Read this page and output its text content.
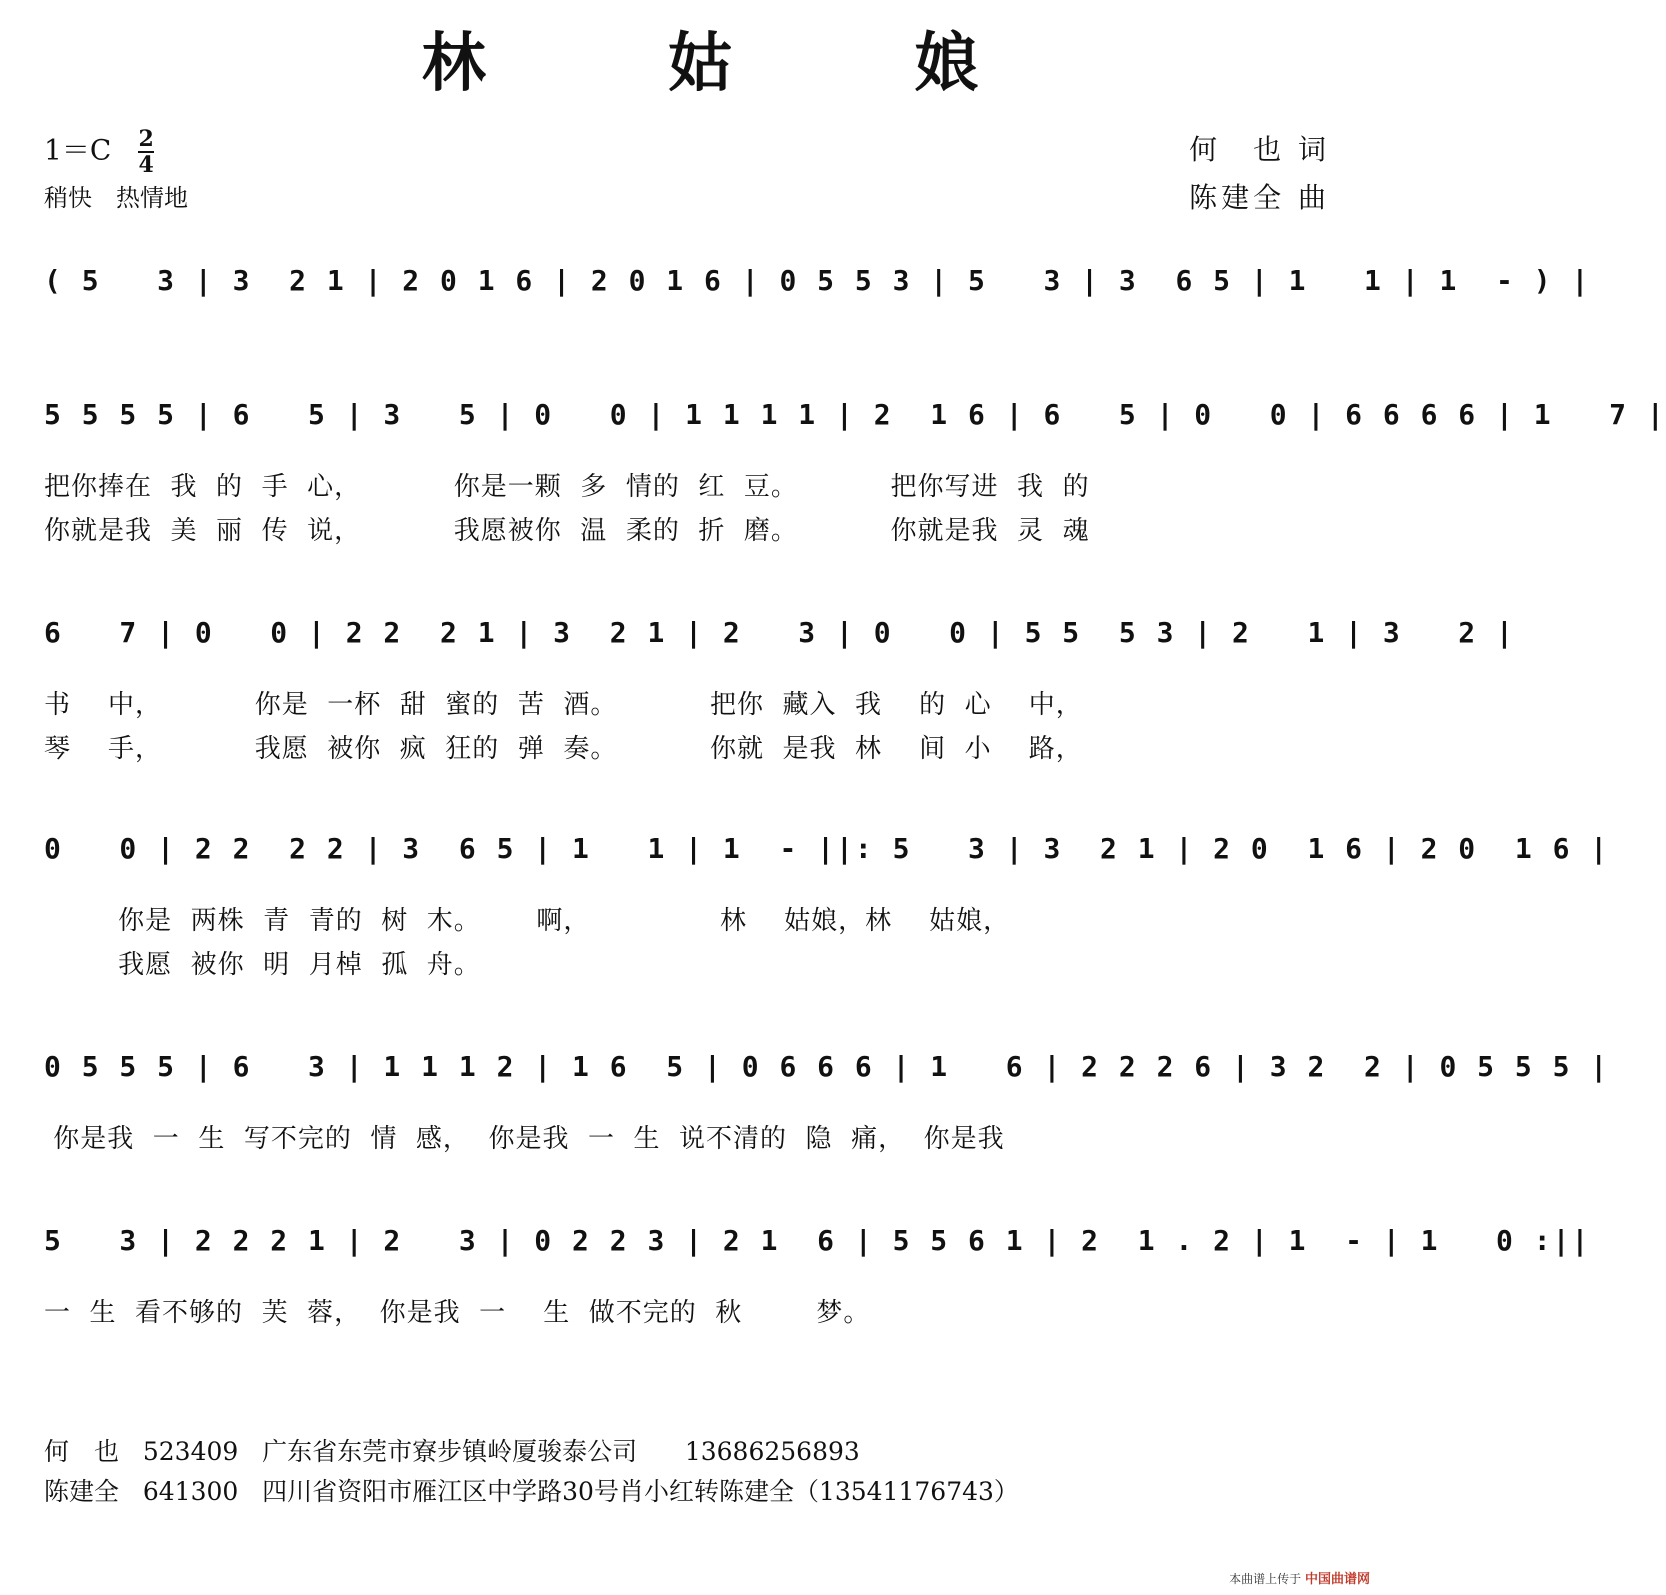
林 姑 娘
$1=C \frac{2}{4}$
稍快　热情地
何　也 词
陈建全 曲
( 5   3 | 3  2 1 | 2 0 1 6 | 2 0 1 6 | 0 5 5 3 | 5   3 | 3  6 5 | 1   1 | 1  - ) |
5 5 5 5 | 6   5 | 3   5 | 0   0 | 1 1 1 1 | 2  1 6 | 6   5 | 0   0 | 6 6 6 6 | 1   7 |
把你捧在  我  的  手  心，          你是一颗  多  情的  红  豆。          把你写进  我  的
你就是我  美  丽  传  说，          我愿被你  温  柔的  折  磨。          你就是我  灵  魂
6   7 | 0   0 | 2 2  2 1 | 3  2 1 | 2   3 | 0   0 | 5 5  5 3 | 2   1 | 3   2 |
书    中，          你是  一杯  甜  蜜的  苦  酒。          把你  藏入  我    的  心    中，
琴    手，          我愿  被你  疯  狂的  弹  奏。          你就  是我  林    间  小    路，
0   0 | 2 2  2 2 | 3  6 5 | 1   1 | 1  - ||: 5   3 | 3  2 1 | 2 0  1 6 | 2 0  1 6 |
你是  两株  青  青的  树  木。      啊，              林    姑娘，林    姑娘，
我愿  被你  明  月棹  孤  舟。
0 5 5 5 | 6   3 | 1 1 1 2 | 1 6  5 | 0 6 6 6 | 1   6 | 2 2 2 6 | 3 2  2 | 0 5 5 5 |
你是我  一  生  写不完的  情  感，  你是我  一  生  说不清的  隐  痛，  你是我
5   3 | 2 2 2 1 | 2   3 | 0 2 2 3 | 2 1  6 | 5 5 6 1 | 2  1 . 2 | 1  - | 1   0 :||
一  生  看不够的  芙  蓉，  你是我  一    生  做不完的  秋        梦。
何　也 523409 广东省东莞市寮步镇岭厦骏泰公司 13686256893
陈建全 641300 四川省资阳市雁江区中学路30号肖小红转陈建全（13541176743）
本曲谱上传于 中国曲谱网
